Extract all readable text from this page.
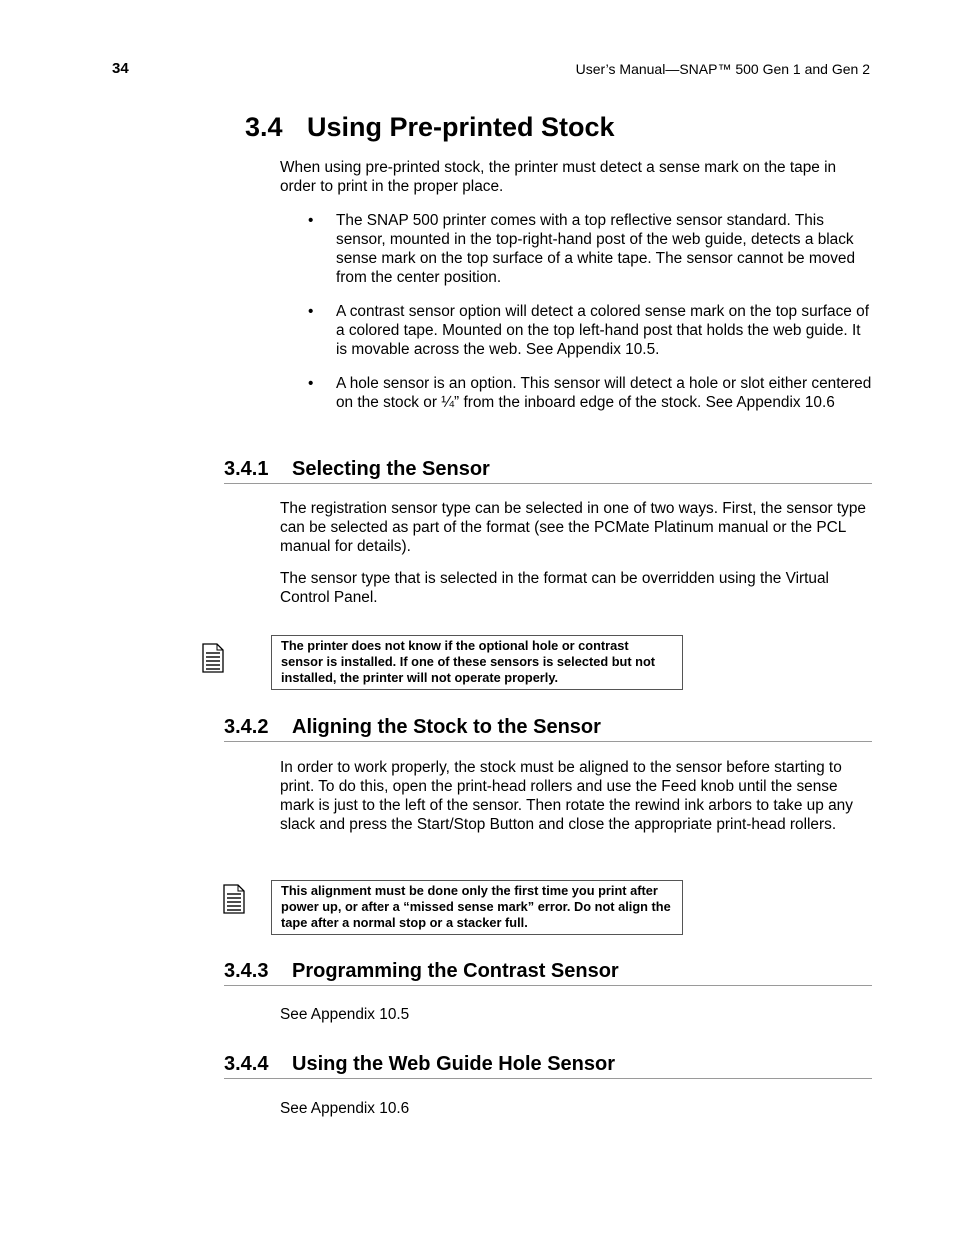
34	User’s Manual—SNAP™ 500 Gen 1 and Gen 2
3.4 Using Pre-printed Stock

When using pre-printed stock, the printer must detect a sense mark on the tape in order to print in the proper place.

• The SNAP 500 printer comes with a top reflective sensor standard. This sensor, mounted in the top-right-hand post of the web guide, detects a black sense mark on the top surface of a white tape. The sensor cannot be moved from the center position.
• A contrast sensor option will detect a colored sense mark on the top surface of a colored tape. Mounted on the top left-hand post that holds the web guide. It is movable across the web. See Appendix 10.5.
• A hole sensor is an option. This sensor will detect a hole or slot either centered on the stock or ¼” from the inboard edge of the stock. See Appendix 10.6
3.4.1 Selecting the Sensor

The registration sensor type can be selected in one of two ways. First, the sensor type can be selected as part of the format (see the PCMate Platinum manual or the PCL manual for details).

The sensor type that is selected in the format can be overridden using the Virtual Control Panel.

The printer does not know if the optional hole or contrast sensor is installed. If one of these sensors is selected but not installed, the printer will not operate properly.
3.4.2 Aligning the Stock to the Sensor

In order to work properly, the stock must be aligned to the sensor before starting to print. To do this, open the print-head rollers and use the Feed knob until the sense mark is just to the left of the sensor. Then rotate the rewind ink arbors to take up any slack and press the Start/Stop Button and close the appropriate print-head rollers.

This alignment must be done only the first time you print after power up, or after a “missed sense mark” error. Do not align the tape after a normal stop or a stacker full.
3.4.3 Programming the Contrast Sensor

See Appendix 10.5

3.4.4 Using the Web Guide Hole Sensor

See Appendix 10.6
